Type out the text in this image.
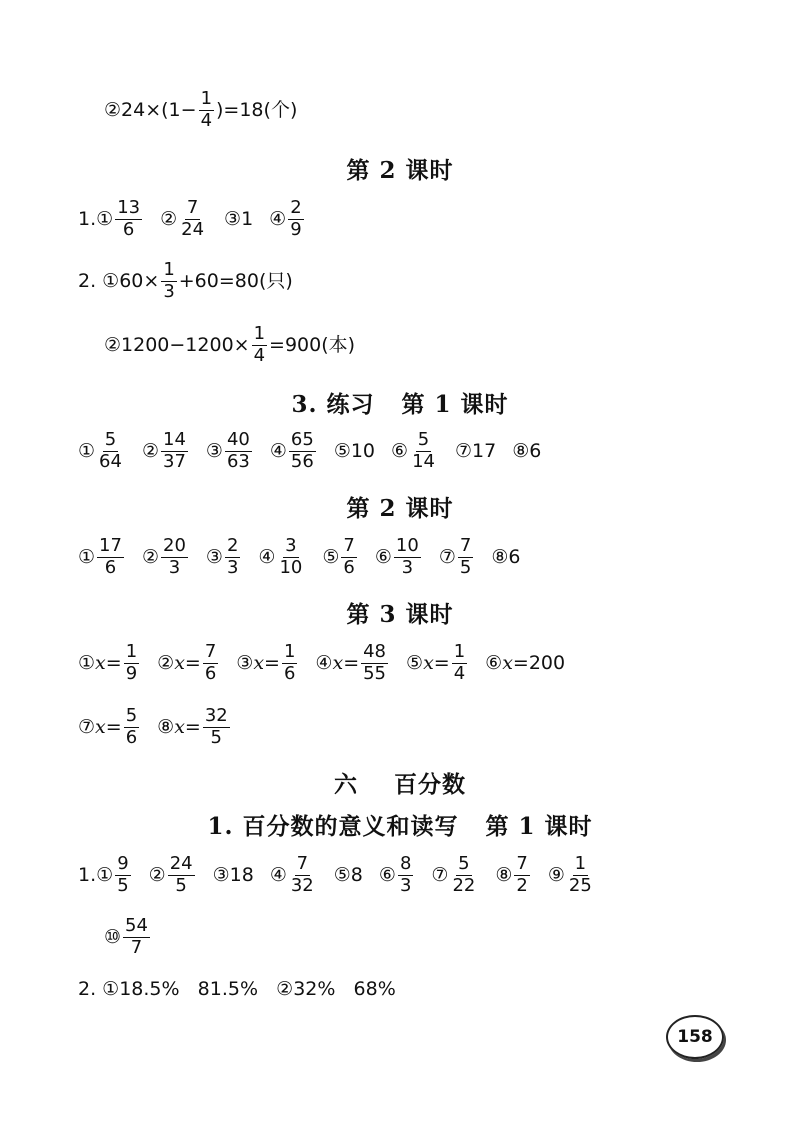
②24×(1− $\frac{1}{4} )=18$(个)
第 2 课时
1. ① $\frac{13}{6}$ ② $\frac{7}{24}$ ③1 ④ $\frac{2}{9}$
2. ①60× $\frac{1}{3} +60=80$(只)
②1200−1200× $\frac{1}{4} =900$(本)
3. 练习   第 1 课时
① $\frac{5}{64}$ ② $\frac{14}{37}$ ③ $\frac{40}{63}$ ④ $\frac{65}{56}$ ⑤10 ⑥ $\frac{5}{14}$ ⑦17 ⑧6
第 2 课时
① $\frac{17}{6}$ ② $\frac{20}{3}$ ③ $\frac{2}{3}$ ④ $\frac{3}{10}$ ⑤ $\frac{7}{6}$ ⑥ $\frac{10}{3}$ ⑦ $\frac{7}{5}$ ⑧6
第 3 课时
① $x = \frac{1}{9}$ ② $x = \frac{7}{6}$ ③ $x = \frac{1}{6}$ ④ $x = \frac{48}{55}$ ⑤ $x = \frac{1}{4}$ ⑥ x =200
⑦ $x = \frac{5}{6}$ ⑧ $x = \frac{32}{5}$
六    百分数
1. 百分数的意义和读写   第 1 课时
1. ① $\frac{9}{5}$ ② $\frac{24}{5}$ ③18 ④ $\frac{7}{32}$ ⑤8 ⑥ $\frac{8}{3}$ ⑦ $\frac{5}{22}$ ⑧ $\frac{7}{2}$ ⑨ $\frac{1}{25}$
⑩ $\frac{54}{7}$
2. ①18.5%   81.5%   ②32%   68%
158
